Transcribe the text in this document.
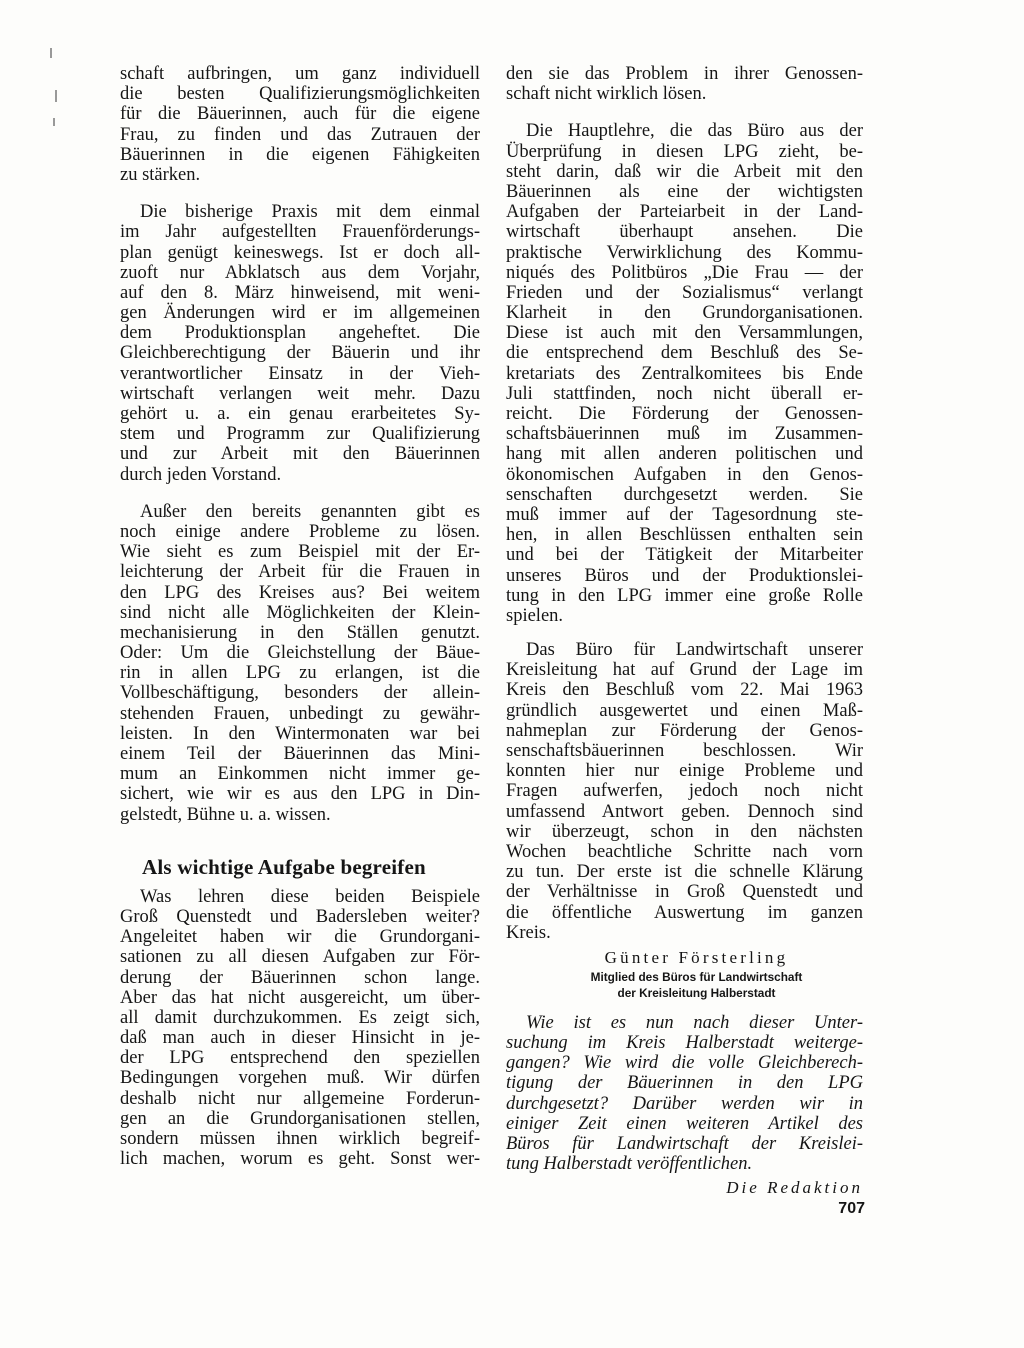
schaft aufbringen, um ganz individuell
die besten Qualifizierungsmöglichkeiten
für die Bäuerinnen, auch für die eigene
Frau, zu finden und das Zutrauen der
Bäuerinnen in die eigenen Fähigkeiten
zu stärken.
Die bisherige Praxis mit dem einmal
im Jahr aufgestellten Frauenförderungs-
plan genügt keineswegs. Ist er doch all-
zuoft nur Abklatsch aus dem Vorjahr,
auf den 8. März hinweisend, mit weni-
gen Änderungen wird er im allgemeinen
dem Produktionsplan angeheftet. Die
Gleichberechtigung der Bäuerin und ihr
verantwortlicher Einsatz in der Vieh-
wirtschaft verlangen weit mehr. Dazu
gehört u. a. ein genau erarbeitetes Sy-
stem und Programm zur Qualifizierung
und zur Arbeit mit den Bäuerinnen
durch jeden Vorstand.
Außer den bereits genannten gibt es
noch einige andere Probleme zu lösen.
Wie sieht es zum Beispiel mit der Er-
leichterung der Arbeit für die Frauen in
den LPG des Kreises aus? Bei weitem
sind nicht alle Möglichkeiten der Klein-
mechanisierung in den Ställen genutzt.
Oder: Um die Gleichstellung der Bäue-
rin in allen LPG zu erlangen, ist die
Vollbeschäftigung, besonders der allein-
stehenden Frauen, unbedingt zu gewähr-
leisten. In den Wintermonaten war bei
einem Teil der Bäuerinnen das Mini-
mum an Einkommen nicht immer ge-
sichert, wie wir es aus den LPG in Din-
gelstedt, Bühne u. a. wissen.
Als wichtige Aufgabe begreifen
Was lehren diese beiden Beispiele
Groß Quenstedt und Badersleben weiter?
Angeleitet haben wir die Grundorgani-
sationen zu all diesen Aufgaben zur För-
derung der Bäuerinnen schon lange.
Aber das hat nicht ausgereicht, um über-
all damit durchzukommen. Es zeigt sich,
daß man auch in dieser Hinsicht in je-
der LPG entsprechend den speziellen
Bedingungen vorgehen muß. Wir dürfen
deshalb nicht nur allgemeine Forderun-
gen an die Grundorganisationen stellen,
sondern müssen ihnen wirklich begreif-
lich machen, worum es geht. Sonst wer-
den sie das Problem in ihrer Genossen-
schaft nicht wirklich lösen.
Die Hauptlehre, die das Büro aus der
Überprüfung in diesen LPG zieht, be-
steht darin, daß wir die Arbeit mit den
Bäuerinnen als eine der wichtigsten
Aufgaben der Parteiarbeit in der Land-
wirtschaft überhaupt ansehen. Die
praktische Verwirklichung des Kommu-
niqués des Politbüros „Die Frau — der
Frieden und der Sozialismus“ verlangt
Klarheit in den Grundorganisationen.
Diese ist auch mit den Versammlungen,
die entsprechend dem Beschluß des Se-
kretariats des Zentralkomitees bis Ende
Juli stattfinden, noch nicht überall er-
reicht. Die Förderung der Genossen-
schaftsbäuerinnen muß im Zusammen-
hang mit allen anderen politischen und
ökonomischen Aufgaben in den Genos-
senschaften durchgesetzt werden. Sie
muß immer auf der Tagesordnung ste-
hen, in allen Beschlüssen enthalten sein
und bei der Tätigkeit der Mitarbeiter
unseres Büros und der Produktionslei-
tung in den LPG immer eine große Rolle
spielen.
Das Büro für Landwirtschaft unserer
Kreisleitung hat auf Grund der Lage im
Kreis den Beschluß vom 22. Mai 1963
gründlich ausgewertet und einen Maß-
nahmeplan zur Förderung der Genos-
senschaftsbäuerinnen beschlossen. Wir
konnten hier nur einige Probleme und
Fragen aufwerfen, jedoch noch nicht
umfassend Antwort geben. Dennoch sind
wir überzeugt, schon in den nächsten
Wochen beachtliche Schritte nach vorn
zu tun. Der erste ist die schnelle Klärung
der Verhältnisse in Groß Quenstedt und
die öffentliche Auswertung im ganzen
Kreis.
Günter Försterling
Mitglied des Büros für Landwirtschaft
der Kreisleitung Halberstadt
Wie ist es nun nach dieser Unter-
suchung im Kreis Halberstadt weiterge-
gangen? Wie wird die volle Gleichberech-
tigung der Bäuerinnen in den LPG
durchgesetzt? Darüber werden wir in
einiger Zeit einen weiteren Artikel des
Büros für Landwirtschaft der Kreislei-
tung Halberstadt veröffentlichen.
Die Redaktion
707
